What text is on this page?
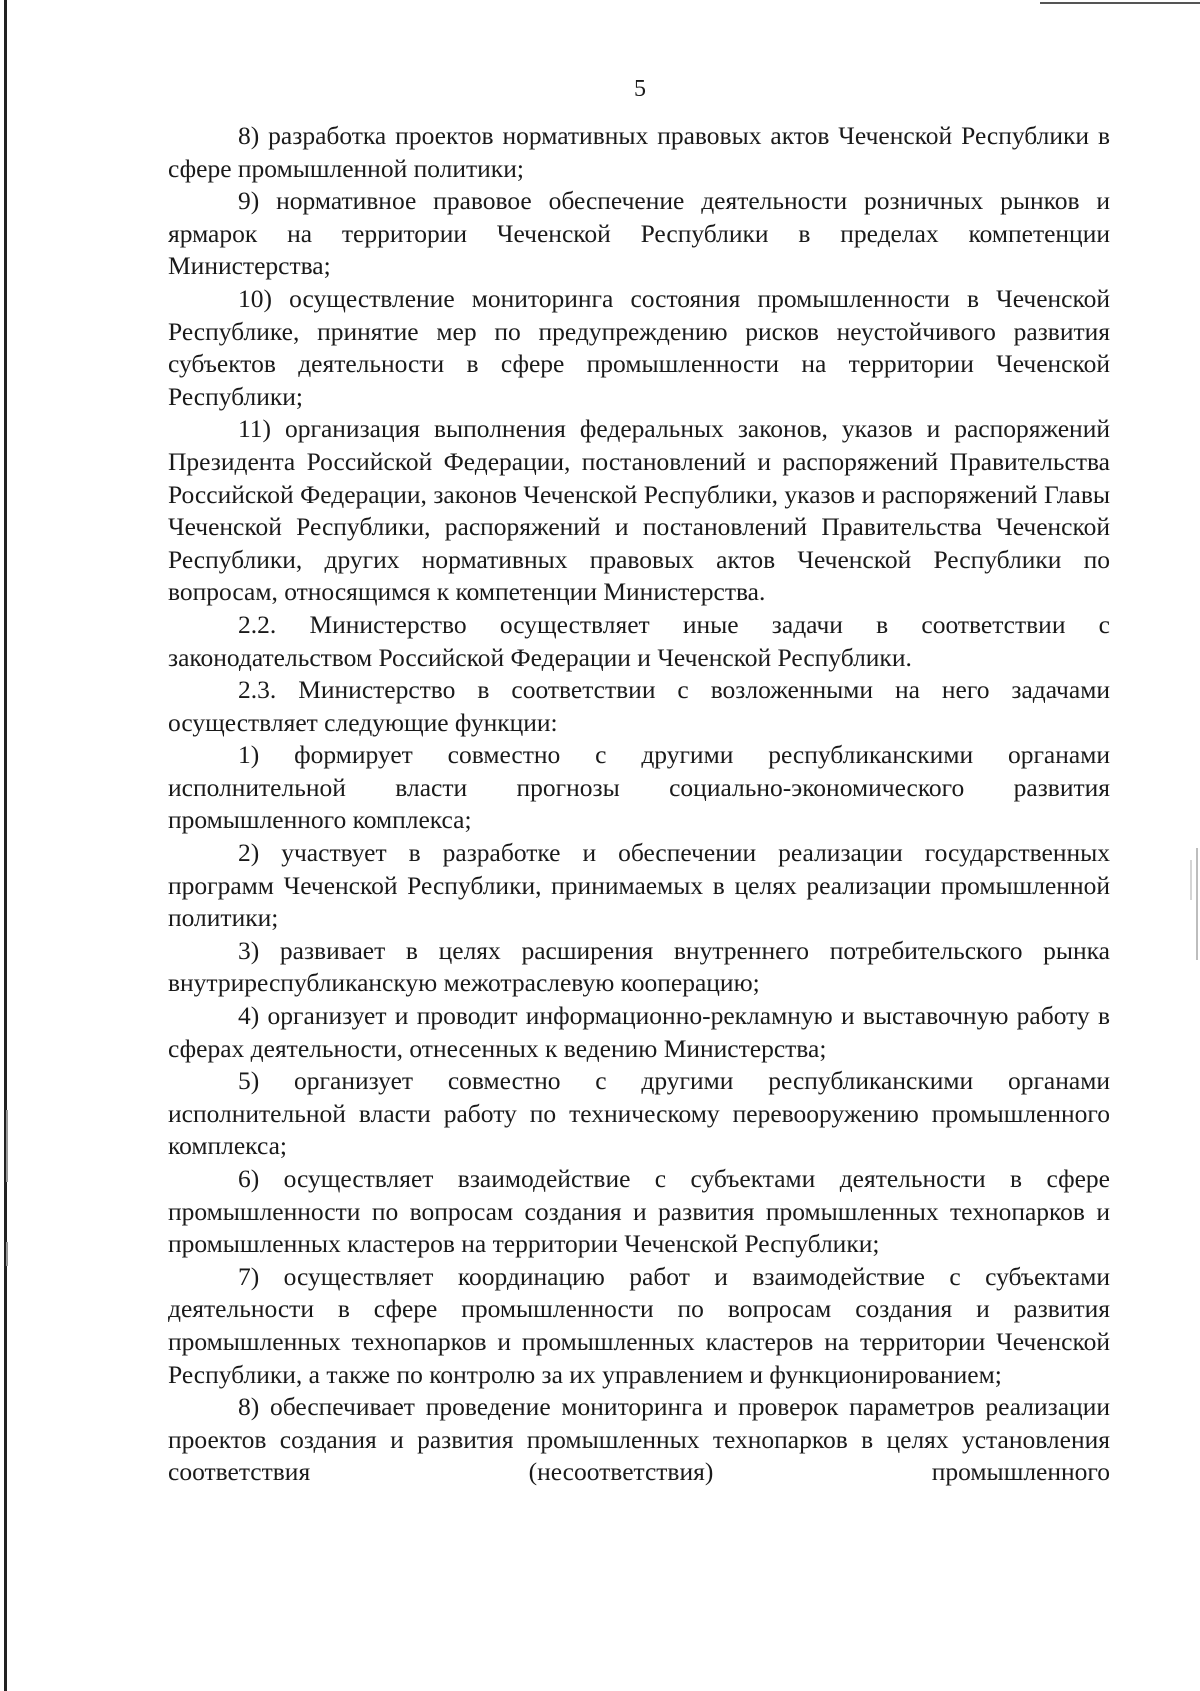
5

8) разработка проектов нормативных правовых актов Чеченской Республики в сфере промышленной политики;

9) нормативное правовое обеспечение деятельности розничных рынков и ярмарок на территории Чеченской Республики в пределах компетенции Министерства;

10) осуществление мониторинга состояния промышленности в Чеченской Республике, принятие мер по предупреждению рисков неустойчивого развития субъектов деятельности в сфере промышленности на территории Чеченской Республики;

11) организация выполнения федеральных законов, указов и распоряжений Президента Российской Федерации, постановлений и распоряжений Правительства Российской Федерации, законов Чеченской Республики, указов и распоряжений Главы Чеченской Республики, распоряжений и постановлений Правительства Чеченской Республики, других нормативных правовых актов Чеченской Республики по вопросам, относящимся к компетенции Министерства.

2.2. Министерство осуществляет иные задачи в соответствии с законодательством Российской Федерации и Чеченской Республики.

2.3. Министерство в соответствии с возложенными на него задачами осуществляет следующие функции:

1) формирует совместно с другими республиканскими органами исполнительной власти прогнозы социально-экономического развития промышленного комплекса;

2) участвует в разработке и обеспечении реализации государственных программ Чеченской Республики, принимаемых в целях реализации промышленной политики;

3) развивает в целях расширения внутреннего потребительского рынка внутриреспубликанскую межотраслевую кооперацию;

4) организует и проводит информационно-рекламную и выставочную работу в сферах деятельности, отнесенных к ведению Министерства;

5) организует совместно с другими республиканскими органами исполнительной власти работу по техническому перевооружению промышленного комплекса;

6) осуществляет взаимодействие с субъектами деятельности в сфере промышленности по вопросам создания и развития промышленных технопарков и промышленных кластеров на территории Чеченской Республики;

7) осуществляет координацию работ и взаимодействие с субъектами деятельности в сфере промышленности по вопросам создания и развития промышленных технопарков и промышленных кластеров на территории Чеченской Республики, а также по контролю за их управлением и функционированием;

8) обеспечивает проведение мониторинга и проверок параметров реализации проектов создания и развития промышленных технопарков в целях установления соответствия (несоответствия) промышленного
